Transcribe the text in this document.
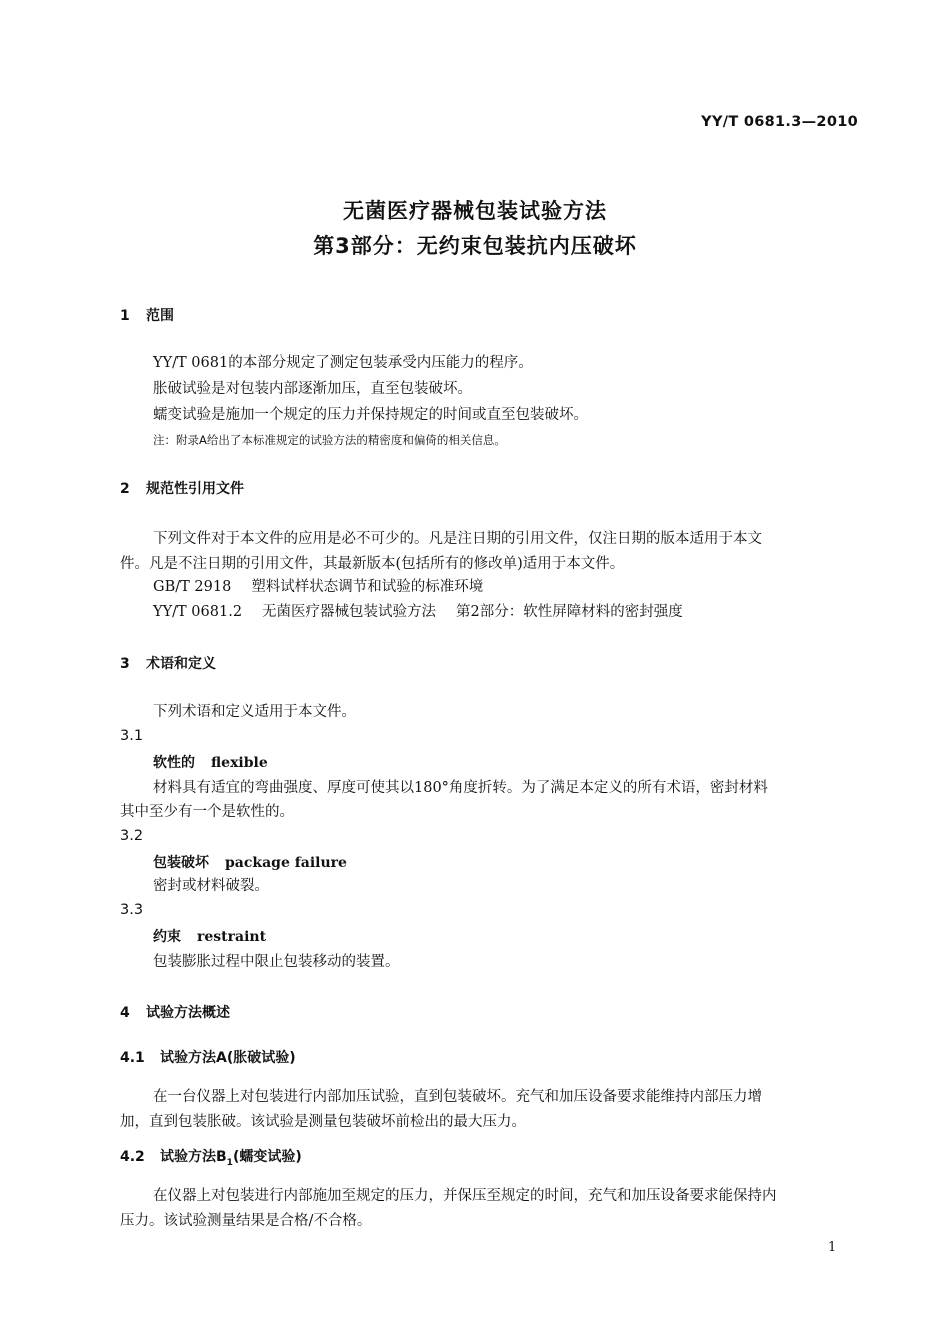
YY/T 0681.3—2010
无菌医疗器械包装试验方法
第3部分：无约束包装抗内压破坏
1 范围
YY/T 0681的本部分规定了测定包装承受内压能力的程序。
胀破试验是对包装内部逐渐加压，直至包装破坏。
蠕变试验是施加一个规定的压力并保持规定的时间或直至包装破坏。
注：附录A给出了本标准规定的试验方法的精密度和偏倚的相关信息。
2 规范性引用文件
下列文件对于本文件的应用是必不可少的。凡是注日期的引用文件，仅注日期的版本适用于本文
件。凡是不注日期的引用文件，其最新版本(包括所有的修改单)适用于本文件。
GB/T 2918 塑料试样状态调节和试验的标准环境
YY/T 0681.2 无菌医疗器械包装试验方法 第2部分：软性屏障材料的密封强度
3 术语和定义
下列术语和定义适用于本文件。
3.1
软性的 flexible
材料具有适宜的弯曲强度、厚度可使其以180°角度折转。为了满足本定义的所有术语，密封材料
其中至少有一个是软性的。
3.2
包装破坏 package failure
密封或材料破裂。
3.3
约束 restraint
包装膨胀过程中限止包装移动的装置。
4 试验方法概述
4.1 试验方法A(胀破试验)
在一台仪器上对包装进行内部加压试验，直到包装破坏。充气和加压设备要求能维持内部压力增
加，直到包装胀破。该试验是测量包装破坏前检出的最大压力。
4.2 试验方法$B_1$(蠕变试验)
在仪器上对包装进行内部施加至规定的压力，并保压至规定的时间，充气和加压设备要求能保持内
压力。该试验测量结果是合格/不合格。
1
